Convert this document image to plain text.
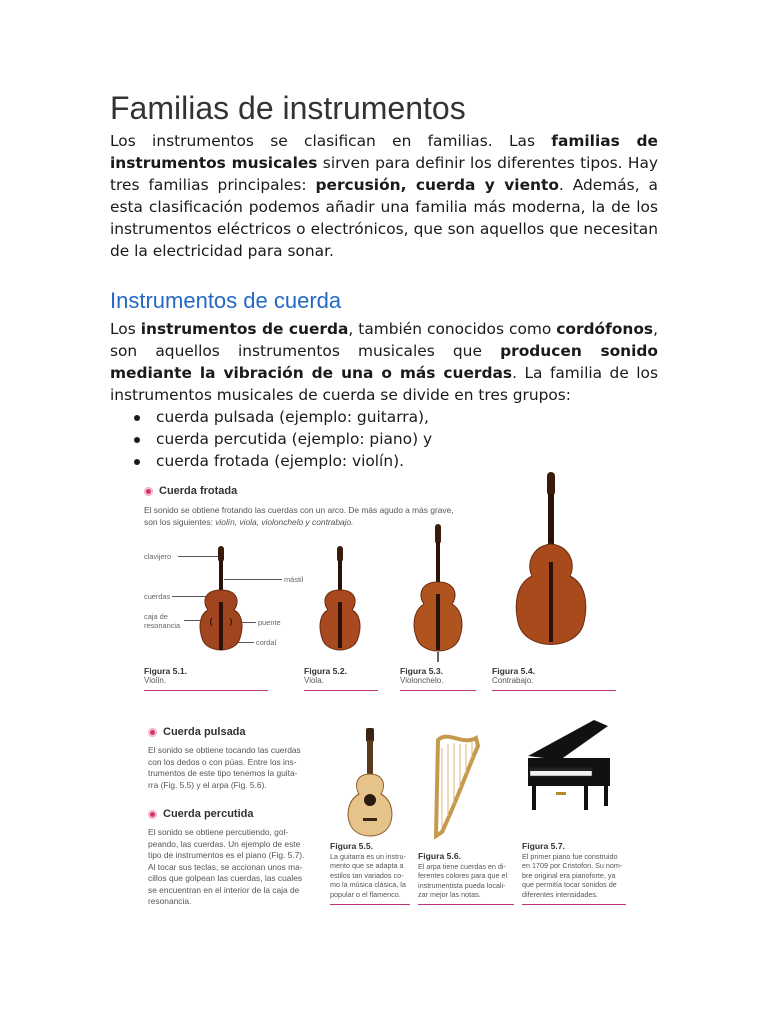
Familias de instrumentos

Los instrumentos se clasifican en familias. Las familias de instrumentos musicales sirven para definir los diferentes tipos. Hay tres familias principales: percusión, cuerda y viento. Además, a esta clasificación podemos añadir una familia más moderna, la de los instrumentos eléctricos o electrónicos, que son aquellos que necesitan de la electricidad para sonar.

Instrumentos de cuerda

Los instrumentos de cuerda, también conocidos como cordófonos, son aquellos instrumentos musicales que producen sonido mediante la vibración de una o más cuerdas. La familia de los instrumentos musicales de cuerda se divide en tres grupos:

cuerda pulsada (ejemplo: guitarra),
cuerda percutida (ejemplo: piano) y
cuerda frotada (ejemplo: violín).
Cuerda frotada
El sonido se obtiene frotando las cuerdas con un arco. De más agudo a más grave,
son los siguientes: violín, viola, violonchelo y contrabajo.
clavijero
mástil
cuerdas
caja de
resonancia	puente
cordal
Figura 5.1.
Violín.
Figura 5.2.
Viola.
Figura 5.3.
Violonchelo.
Figura 5.4.
Contrabajo.
Cuerda pulsada
El sonido se obtiene tocando las cuerdas
con los dedos o con púas. Entre los ins-
trumentos de este tipo tenemos la guita-
rra (Fig. 5.5) y el arpa (Fig. 5.6).
Cuerda percutida
El sonido se obtiene percutiendo, gol-
peando, las cuerdas. Un ejemplo de este
tipo de instrumentos es el piano (Fig. 5.7).
Al tocar sus teclas, se accionan unos ma-
cillos que golpean las cuerdas, las cuales
se encuentran en el interior de la caja de
resonancia.
Figura 5.5.
La guitarra es un instru-
mento que se adapta a
estilos tan variados co-
mo la música clásica, la
popular o el flamenco.
Figura 5.6.
El arpa tiene cuerdas en di-
ferentes colores para que el
instrumentista pueda locali-
zar mejor las notas.
Figura 5.7.
El primer piano fue construido
en 1709 por Cristofori. Su nom-
bre original era pianoforte, ya
que permitía tocar sonidos de
diferentes intensidades.
